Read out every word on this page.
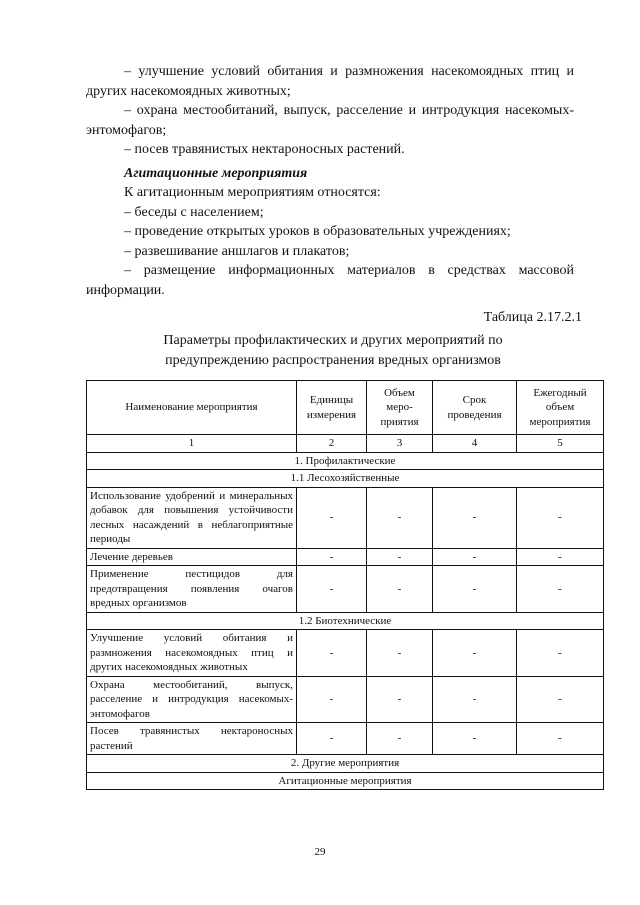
– улучшение условий обитания и размножения насекомоядных птиц и других насекомоядных животных;

– охрана местообитаний, выпуск, расселение и интродукция насекомых-энтомофагов;

– посев травянистых нектароносных растений.

Агитационные мероприятия

К агитационным мероприятиям относятся:

– беседы с населением;

– проведение открытых уроков в образовательных учреждениях;

– развешивание аншлагов и плакатов;

– размещение информационных материалов в средствах массовой информации.

Таблица 2.17.2.1
Параметры профилактических и других мероприятий по
предупреждению распространения вредных организмов
Наименование мероприятия	Единицы измерения	Объем меро-приятия	Срок проведения	Ежегодный объем мероприятия
1	2	3	4	5
1. Профилактические				
1.1 Лесохозяйственные				
Использование удобрений и минеральных добавок для повышения устойчивости лесных насаждений в неблагоприятные периоды	-	-	-	-
Лечение деревьев	-	-	-	-
Применение пестицидов для предотвращения появления очагов вредных организмов	-	-	-	-
1.2 Биотехнические				
Улучшение условий обитания и размножения насекомоядных птиц и других насекомоядных животных	-	-	-	-
Охрана местообитаний, выпуск, расселение и интродукция насекомых-энтомофагов	-	-	-	-
Посев травянистых нектароносных растений	-	-	-	-
2. Другие мероприятия				
Агитационные мероприятия				
29
